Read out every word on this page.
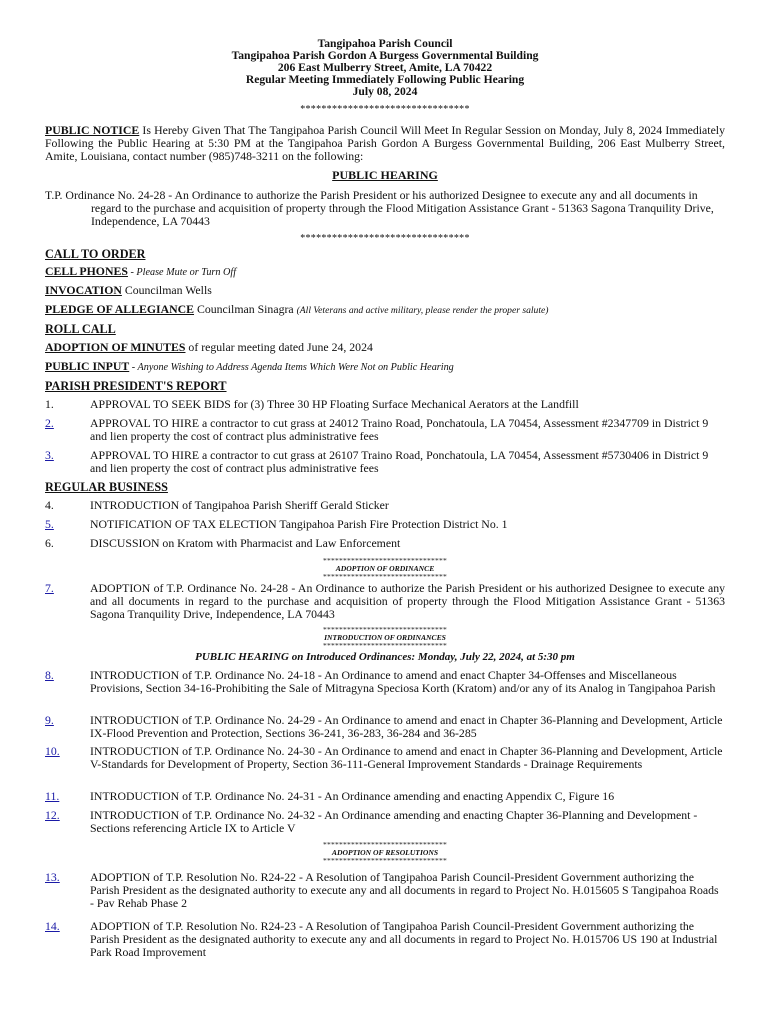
Tangipahoa Parish Council
Tangipahoa Parish Gordon A Burgess Governmental Building
206 East Mulberry Street, Amite, LA 70422
Regular Meeting Immediately Following Public Hearing
July 08, 2024
********************************
PUBLIC NOTICE Is Hereby Given That The Tangipahoa Parish Council Will Meet In Regular Session on Monday, July 8, 2024 Immediately Following the Public Hearing at 5:30 PM at the Tangipahoa Parish Gordon A Burgess Governmental Building, 206 East Mulberry Street, Amite, Louisiana, contact number (985)748-3211 on the following:
PUBLIC HEARING
T.P. Ordinance No. 24-28 - An Ordinance to authorize the Parish President or his authorized Designee to execute any and all documents in regard to the purchase and acquisition of property through the Flood Mitigation Assistance Grant - 51363 Sagona Tranquility Drive, Independence, LA 70443
********************************
CALL TO ORDER
CELL PHONES - Please Mute or Turn Off
INVOCATION Councilman Wells
PLEDGE OF ALLEGIANCE Councilman Sinagra (All Veterans and active military, please render the proper salute)
ROLL CALL
ADOPTION OF MINUTES of regular meeting dated June 24, 2024
PUBLIC INPUT - Anyone Wishing to Address Agenda Items Which Were Not on Public Hearing
PARISH PRESIDENT'S REPORT
1.	APPROVAL TO SEEK BIDS for (3) Three 30 HP Floating Surface Mechanical Aerators at the Landfill
2.	APPROVAL TO HIRE a contractor to cut grass at 24012 Traino Road, Ponchatoula, LA 70454, Assessment #2347709 in District 9 and lien property the cost of contract plus administrative fees
3.	APPROVAL TO HIRE a contractor to cut grass at 26107 Traino Road, Ponchatoula, LA 70454, Assessment #5730406 in District 9 and lien property the cost of contract plus administrative fees
REGULAR BUSINESS
4.	INTRODUCTION of Tangipahoa Parish Sheriff Gerald Sticker
5.	NOTIFICATION OF TAX ELECTION Tangipahoa Parish Fire Protection District No. 1
6.	DISCUSSION on Kratom with Pharmacist and Law Enforcement
*******************************
ADOPTION OF ORDINANCE
*******************************
7.	ADOPTION of T.P. Ordinance No. 24-28 - An Ordinance to authorize the Parish President or his authorized Designee to execute any and all documents in regard to the purchase and acquisition of property through the Flood Mitigation Assistance Grant - 51363 Sagona Tranquility Drive, Independence, LA 70443
*******************************
INTRODUCTION OF ORDINANCES
*******************************
PUBLIC HEARING on Introduced Ordinances: Monday, July 22, 2024, at 5:30 pm
8.	INTRODUCTION of T.P. Ordinance No. 24-18 - An Ordinance to amend and enact Chapter 34-Offenses and Miscellaneous Provisions, Section 34-16-Prohibiting the Sale of Mitragyna Speciosa Korth (Kratom) and/or any of its Analog in Tangipahoa Parish
9.	INTRODUCTION of T.P. Ordinance No. 24-29 - An Ordinance to amend and enact in Chapter 36-Planning and Development, Article IX-Flood Prevention and Protection, Sections 36-241, 36-283, 36-284 and 36-285
10.	INTRODUCTION of T.P. Ordinance No. 24-30 - An Ordinance to amend and enact in Chapter 36-Planning and Development, Article V-Standards for Development of Property, Section 36-111-General Improvement Standards - Drainage Requirements
11.	INTRODUCTION of T.P. Ordinance No. 24-31 - An Ordinance amending and enacting Appendix C, Figure 16
12.	INTRODUCTION of T.P. Ordinance No. 24-32 - An Ordinance amending and enacting Chapter 36-Planning and Development - Sections referencing Article IX to Article V
*******************************
ADOPTION OF RESOLUTIONS
*******************************
13.	ADOPTION of T.P. Resolution No. R24-22 - A Resolution of Tangipahoa Parish Council-President Government authorizing the Parish President as the designated authority to execute any and all documents in regard to Project No. H.015605 S Tangipahoa Roads - Pav Rehab Phase 2
14.	ADOPTION of T.P. Resolution No. R24-23 - A Resolution of Tangipahoa Parish Council-President Government authorizing the Parish President as the designated authority to execute any and all documents in regard to Project No. H.015706 US 190 at Industrial Park Road Improvement
